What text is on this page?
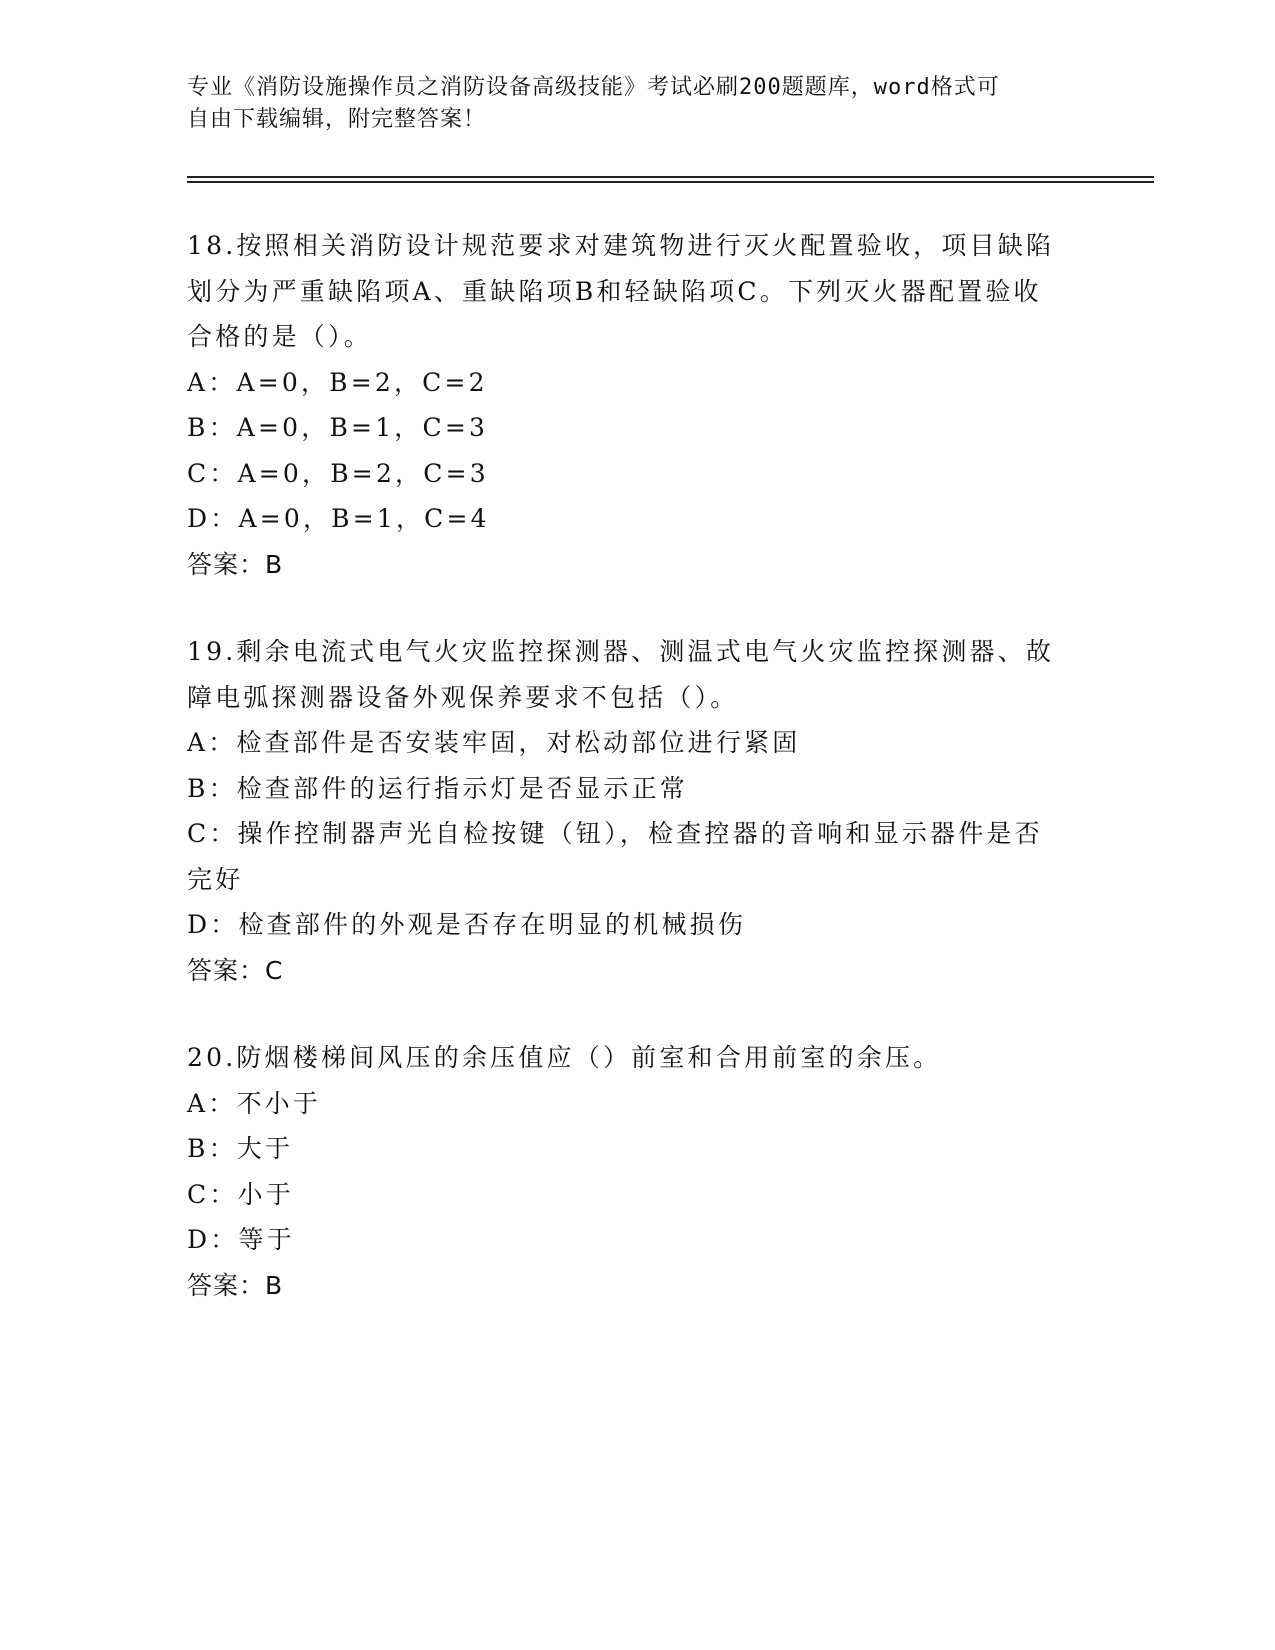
专业《消防设施操作员之消防设备高级技能》考试必刷200题题库，word格式可
自由下载编辑，附完整答案！
18.按照相关消防设计规范要求对建筑物进行灭火配置验收，项目缺陷
划分为严重缺陷项A、重缺陷项B和轻缺陷项C。下列灭火器配置验收
合格的是（）。
A：A=0，B=2，C=2
B：A=0，B=1，C=3
C：A=0，B=2，C=3
D：A=0，B=1，C=4
答案：B
19.剩余电流式电气火灾监控探测器、测温式电气火灾监控探测器、故
障电弧探测器设备外观保养要求不包括（）。
A：检查部件是否安装牢固，对松动部位进行紧固
B：检查部件的运行指示灯是否显示正常
C：操作控制器声光自检按键（钮），检查控器的音响和显示器件是否
完好
D：检查部件的外观是否存在明显的机械损伤
答案：C
20.防烟楼梯间风压的余压值应（）前室和合用前室的余压。
A：不小于
B：大于
C：小于
D：等于
答案：B
